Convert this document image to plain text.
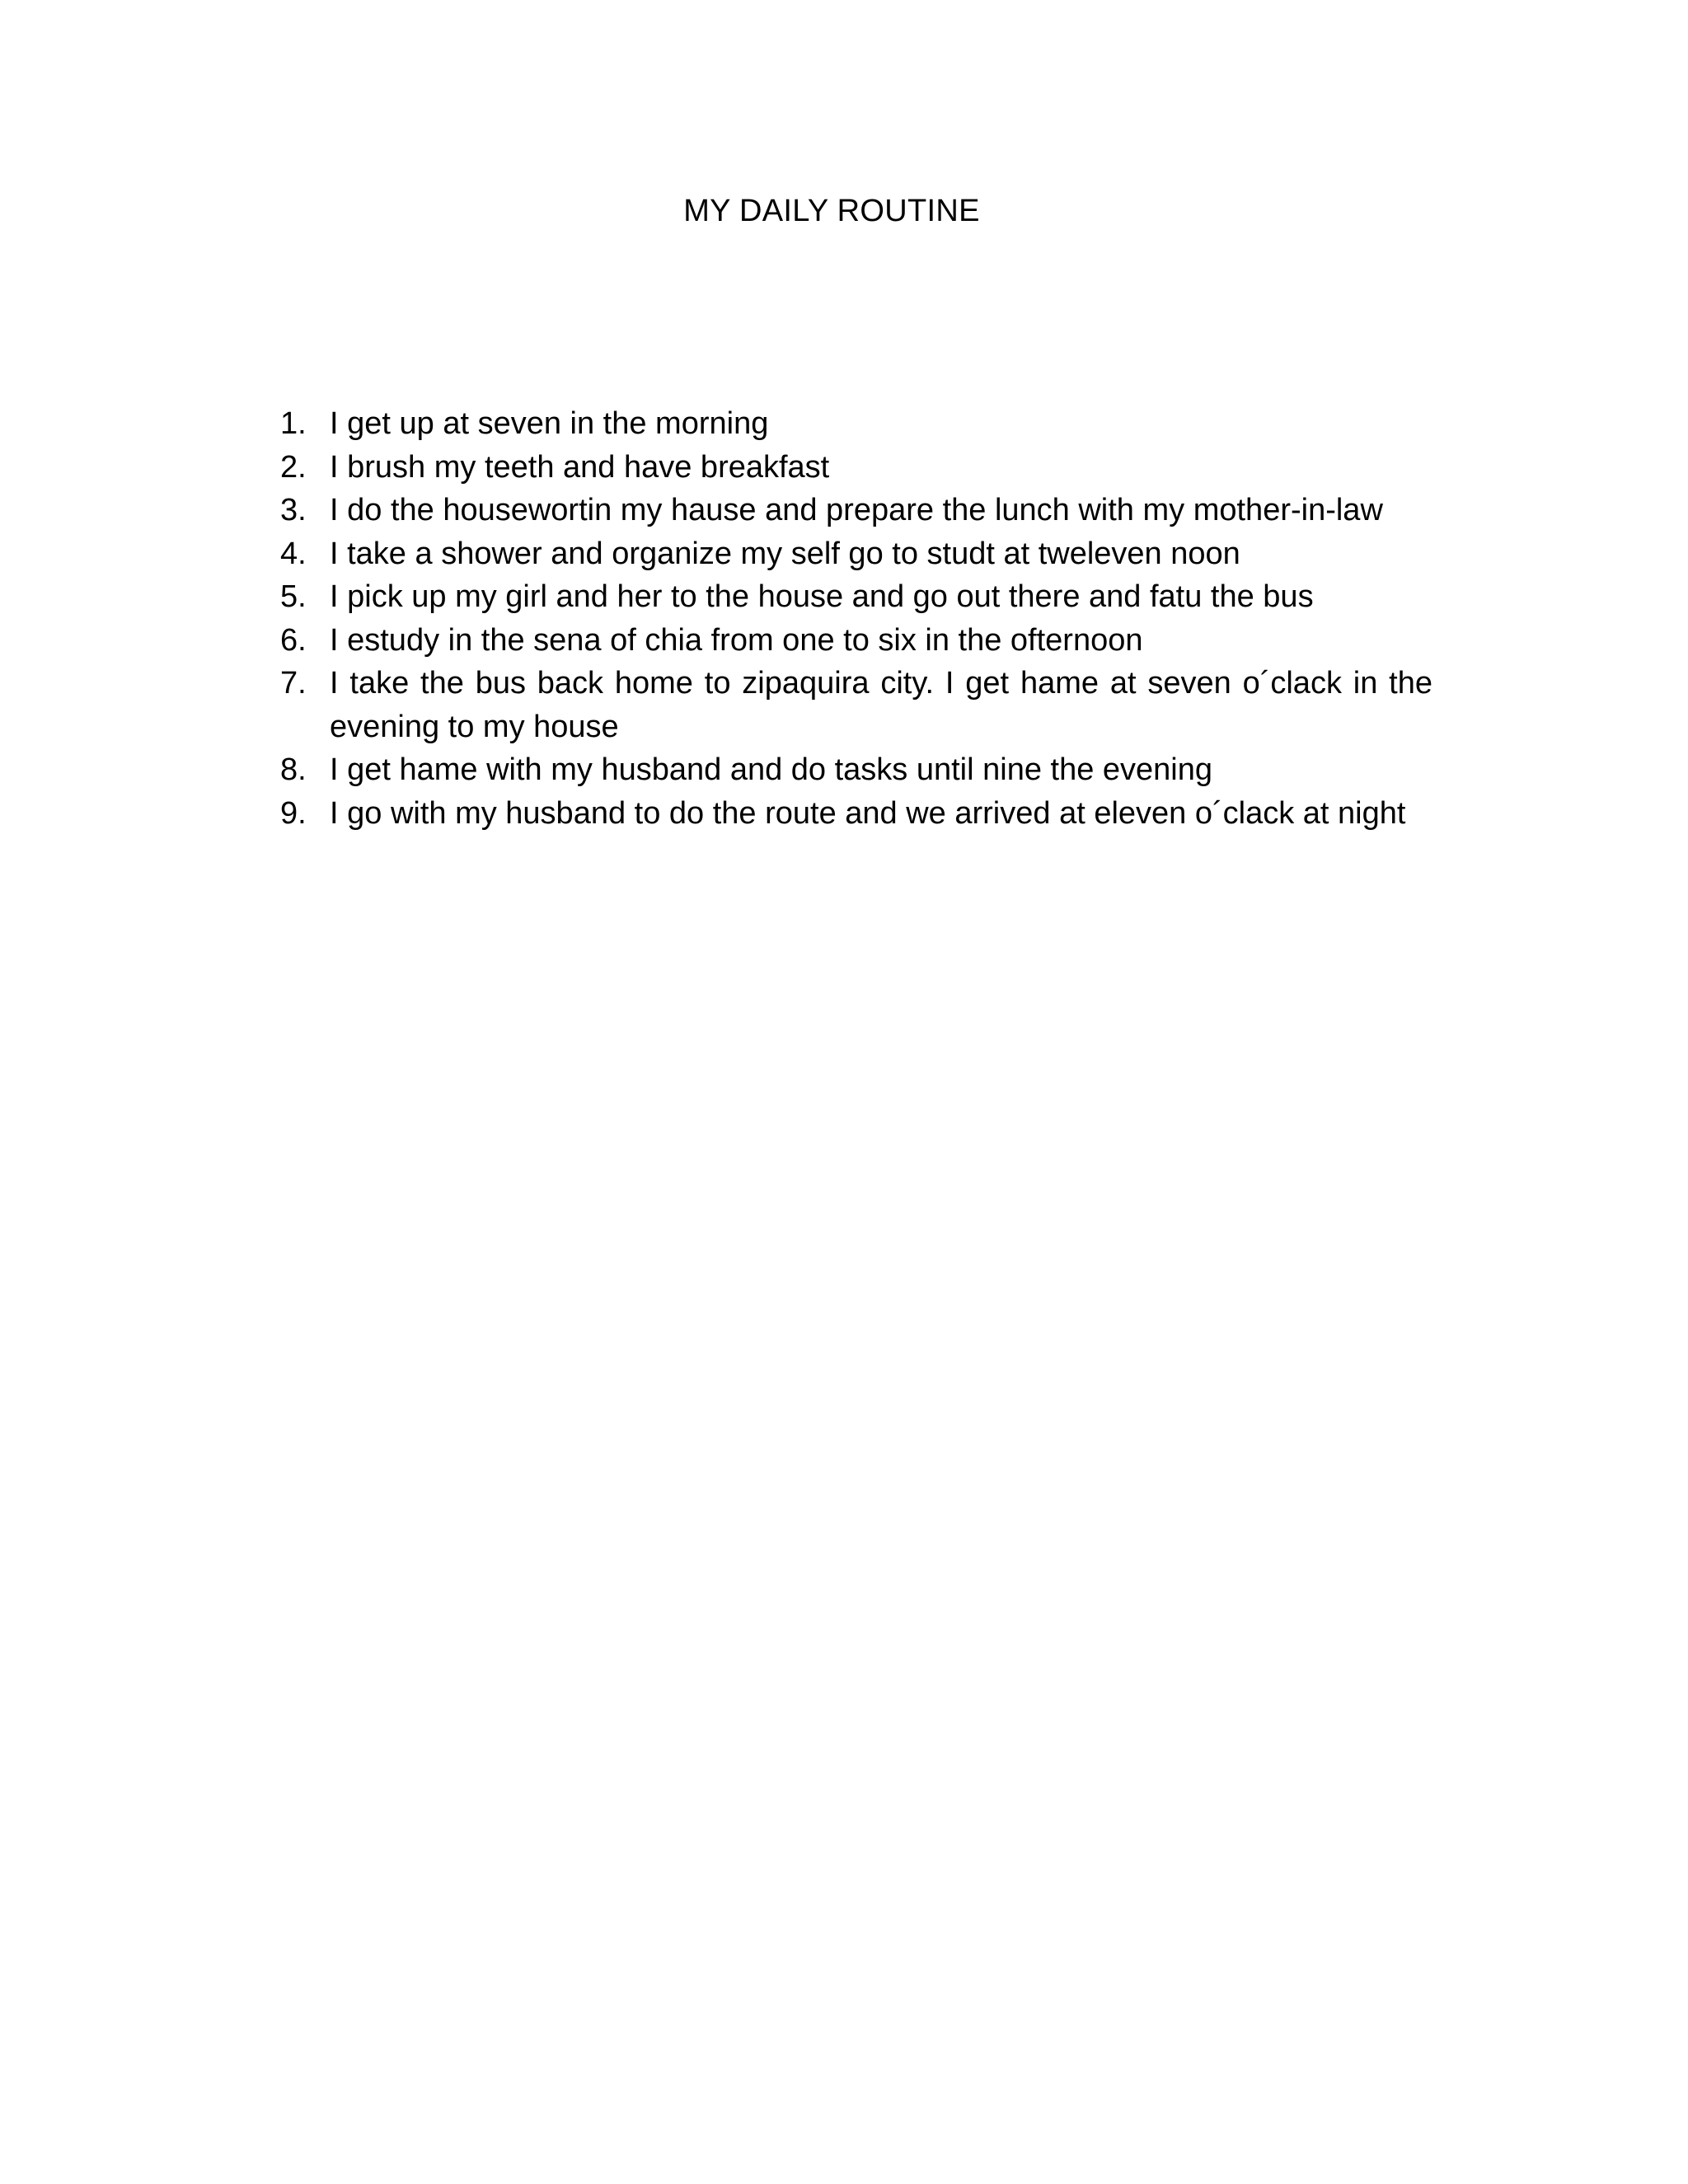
MY DAILY ROUTINE
1. I get up at seven in the morning
2. I brush my teeth and have breakfast
3. I do the housewortin my hause and prepare the lunch with my mother-in-law
4. I take a shower and organize my self go to studt at tweleven noon
5. I pick up my girl and her to the house and go out there and fatu the bus
6. I estudy in the sena of chia from one to six in the ofternoon
7. I take the bus back home to zipaquira city. I get hame at seven o´clack in the evening to my house
8. I get hame with my husband and do tasks until nine the evening
9. I go with my husband to do the route and we arrived at eleven o´clack at night
